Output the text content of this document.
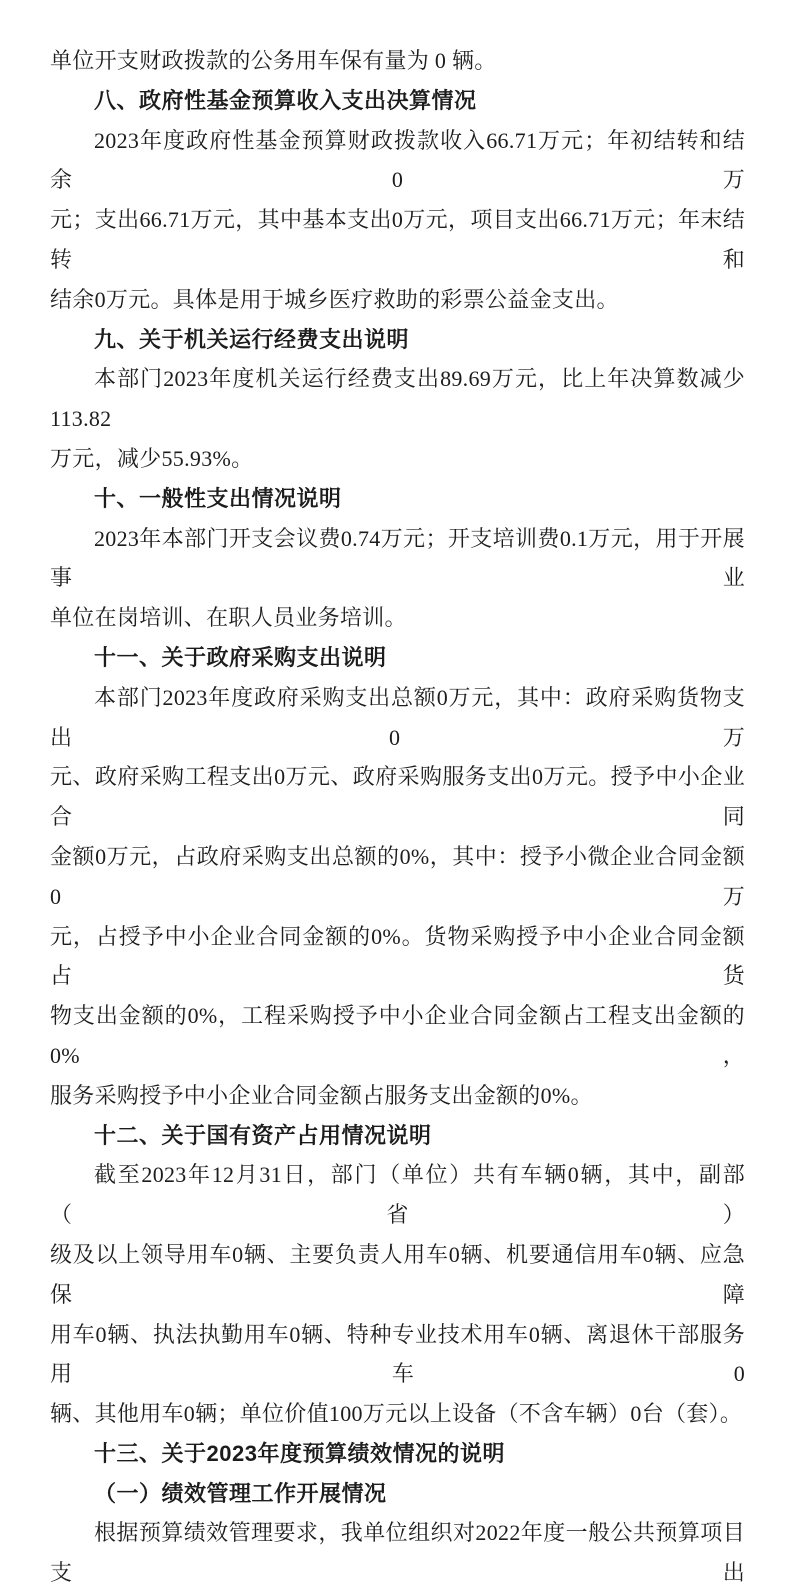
单位开支财政拨款的公务用车保有量为 0 辆。
八、政府性基金预算收入支出决算情况
2023年度政府性基金预算财政拨款收入66.71万元；年初结转和结余0万
元；支出66.71万元，其中基本支出0万元，项目支出66.71万元；年末结转和
结余0万元。具体是用于城乡医疗救助的彩票公益金支出。
九、关于机关运行经费支出说明
本部门2023年度机关运行经费支出89.69万元，比上年决算数减少113.82
万元，减少55.93%。
十、一般性支出情况说明
2023年本部门开支会议费0.74万元；开支培训费0.1万元，用于开展事业
单位在岗培训、在职人员业务培训。
十一、关于政府采购支出说明
本部门2023年度政府采购支出总额0万元，其中：政府采购货物支出0 万
元、政府采购工程支出0万元、政府采购服务支出0万元。授予中小企业合同
金额0万元，占政府采购支出总额的0%，其中：授予小微企业合同金额0万
元，占授予中小企业合同金额的0%。货物采购授予中小企业合同金额占货
物支出金额的0%，工程采购授予中小企业合同金额占工程支出金额的0%，
服务采购授予中小企业合同金额占服务支出金额的0%。
十二、关于国有资产占用情况说明
截至2023年12月31日，部门（单位）共有车辆0辆，其中，副部（省）
级及以上领导用车0辆、主要负责人用车0辆、机要通信用车0辆、应急保障
用车0辆、执法执勤用车0辆、特种专业技术用车0辆、离退休干部服务用车0
辆、其他用车0辆；单位价值100万元以上设备（不含车辆）0台（套）。
十三、关于2023年度预算绩效情况的说明
（一）绩效管理工作开展情况
根据预算绩效管理要求，我单位组织对2022年度一般公共预算项目支出
